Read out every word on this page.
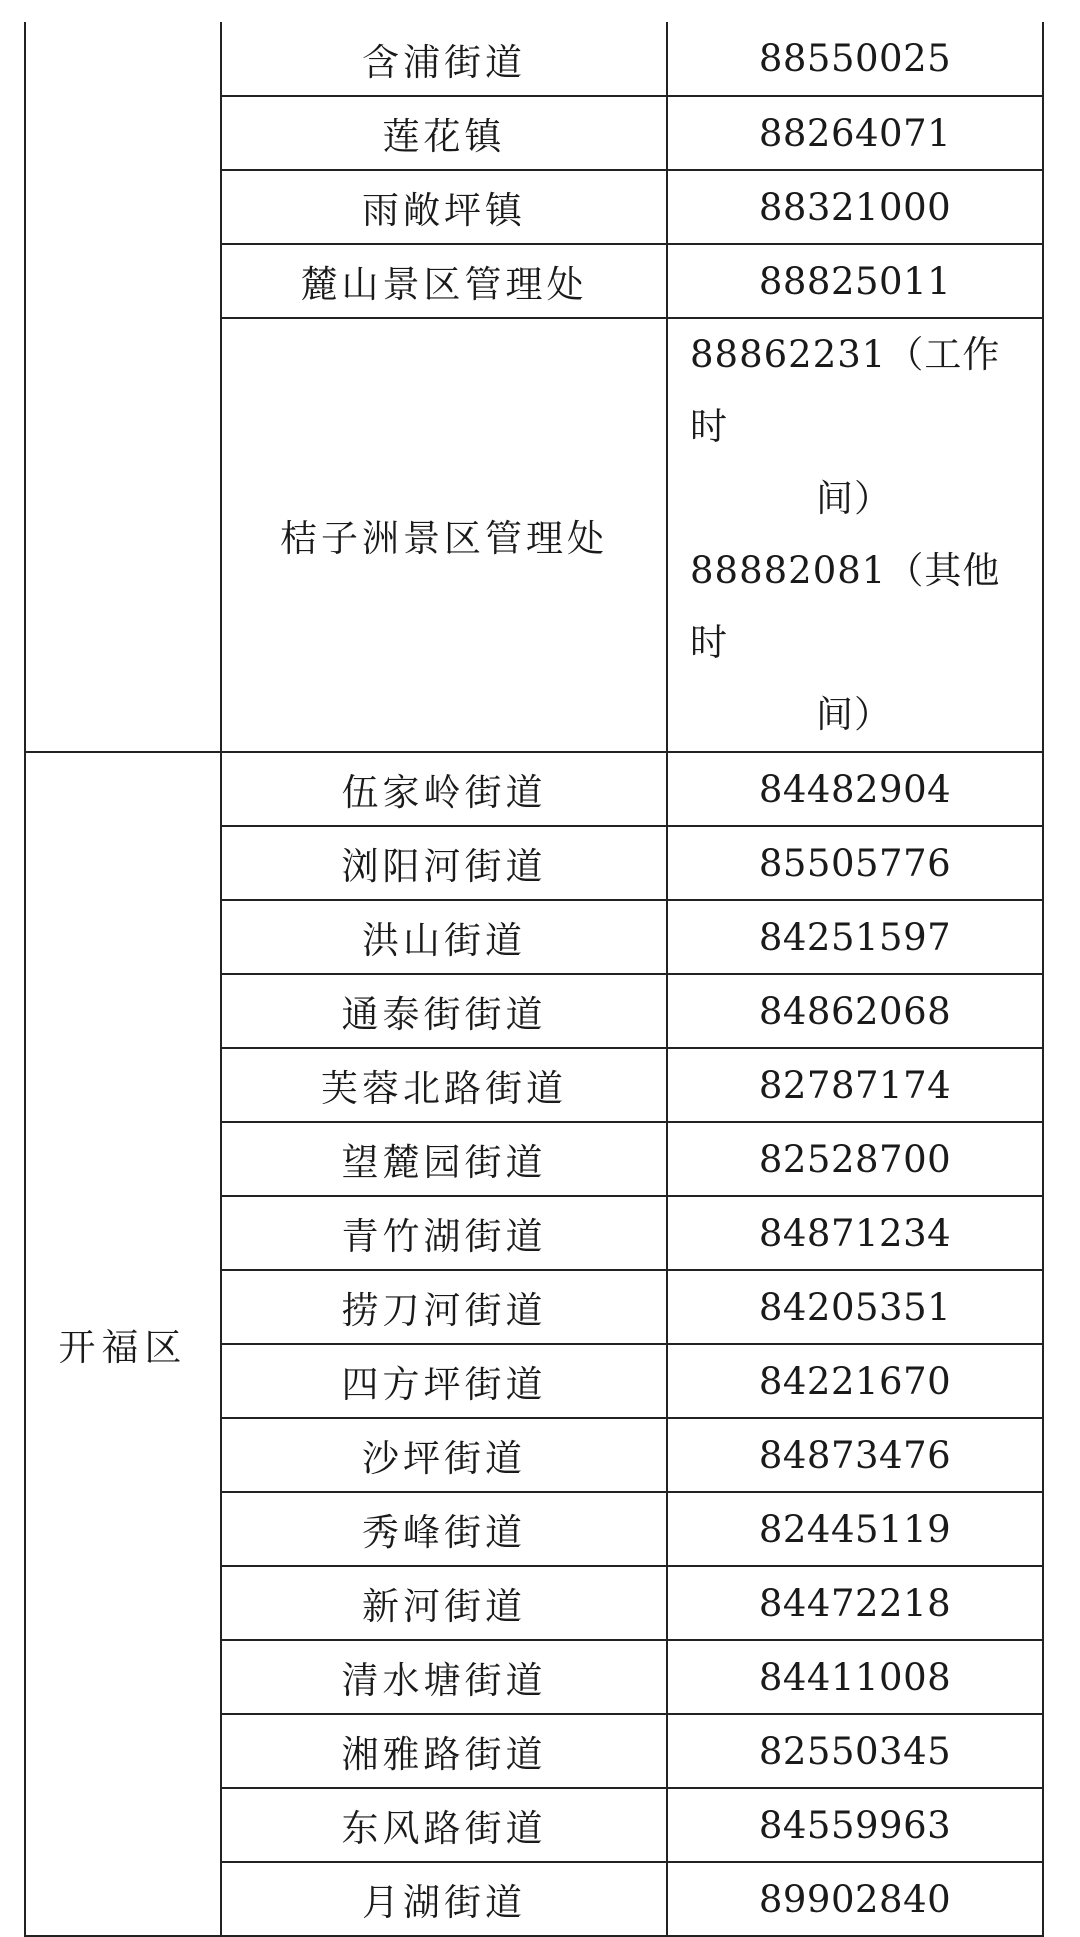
	含浦街道	88550025
	莲花镇	88264071
	雨敞坪镇	88321000
	麓山景区管理处	88825011
	桔子洲景区管理处	88862231（工作时
间）
88882081（其他时
间）

开福区	伍家岭街道	84482904
	浏阳河街道	85505776
	洪山街道	84251597
	通泰街街道	84862068
	芙蓉北路街道	82787174
	望麓园街道	82528700
	青竹湖街道	84871234
	捞刀河街道	84205351
	四方坪街道	84221670
	沙坪街道	84873476
	秀峰街道	82445119
	新河街道	84472218
	清水塘街道	84411008
	湘雅路街道	82550345
	东风路街道	84559963
	月湖街道	89902840
